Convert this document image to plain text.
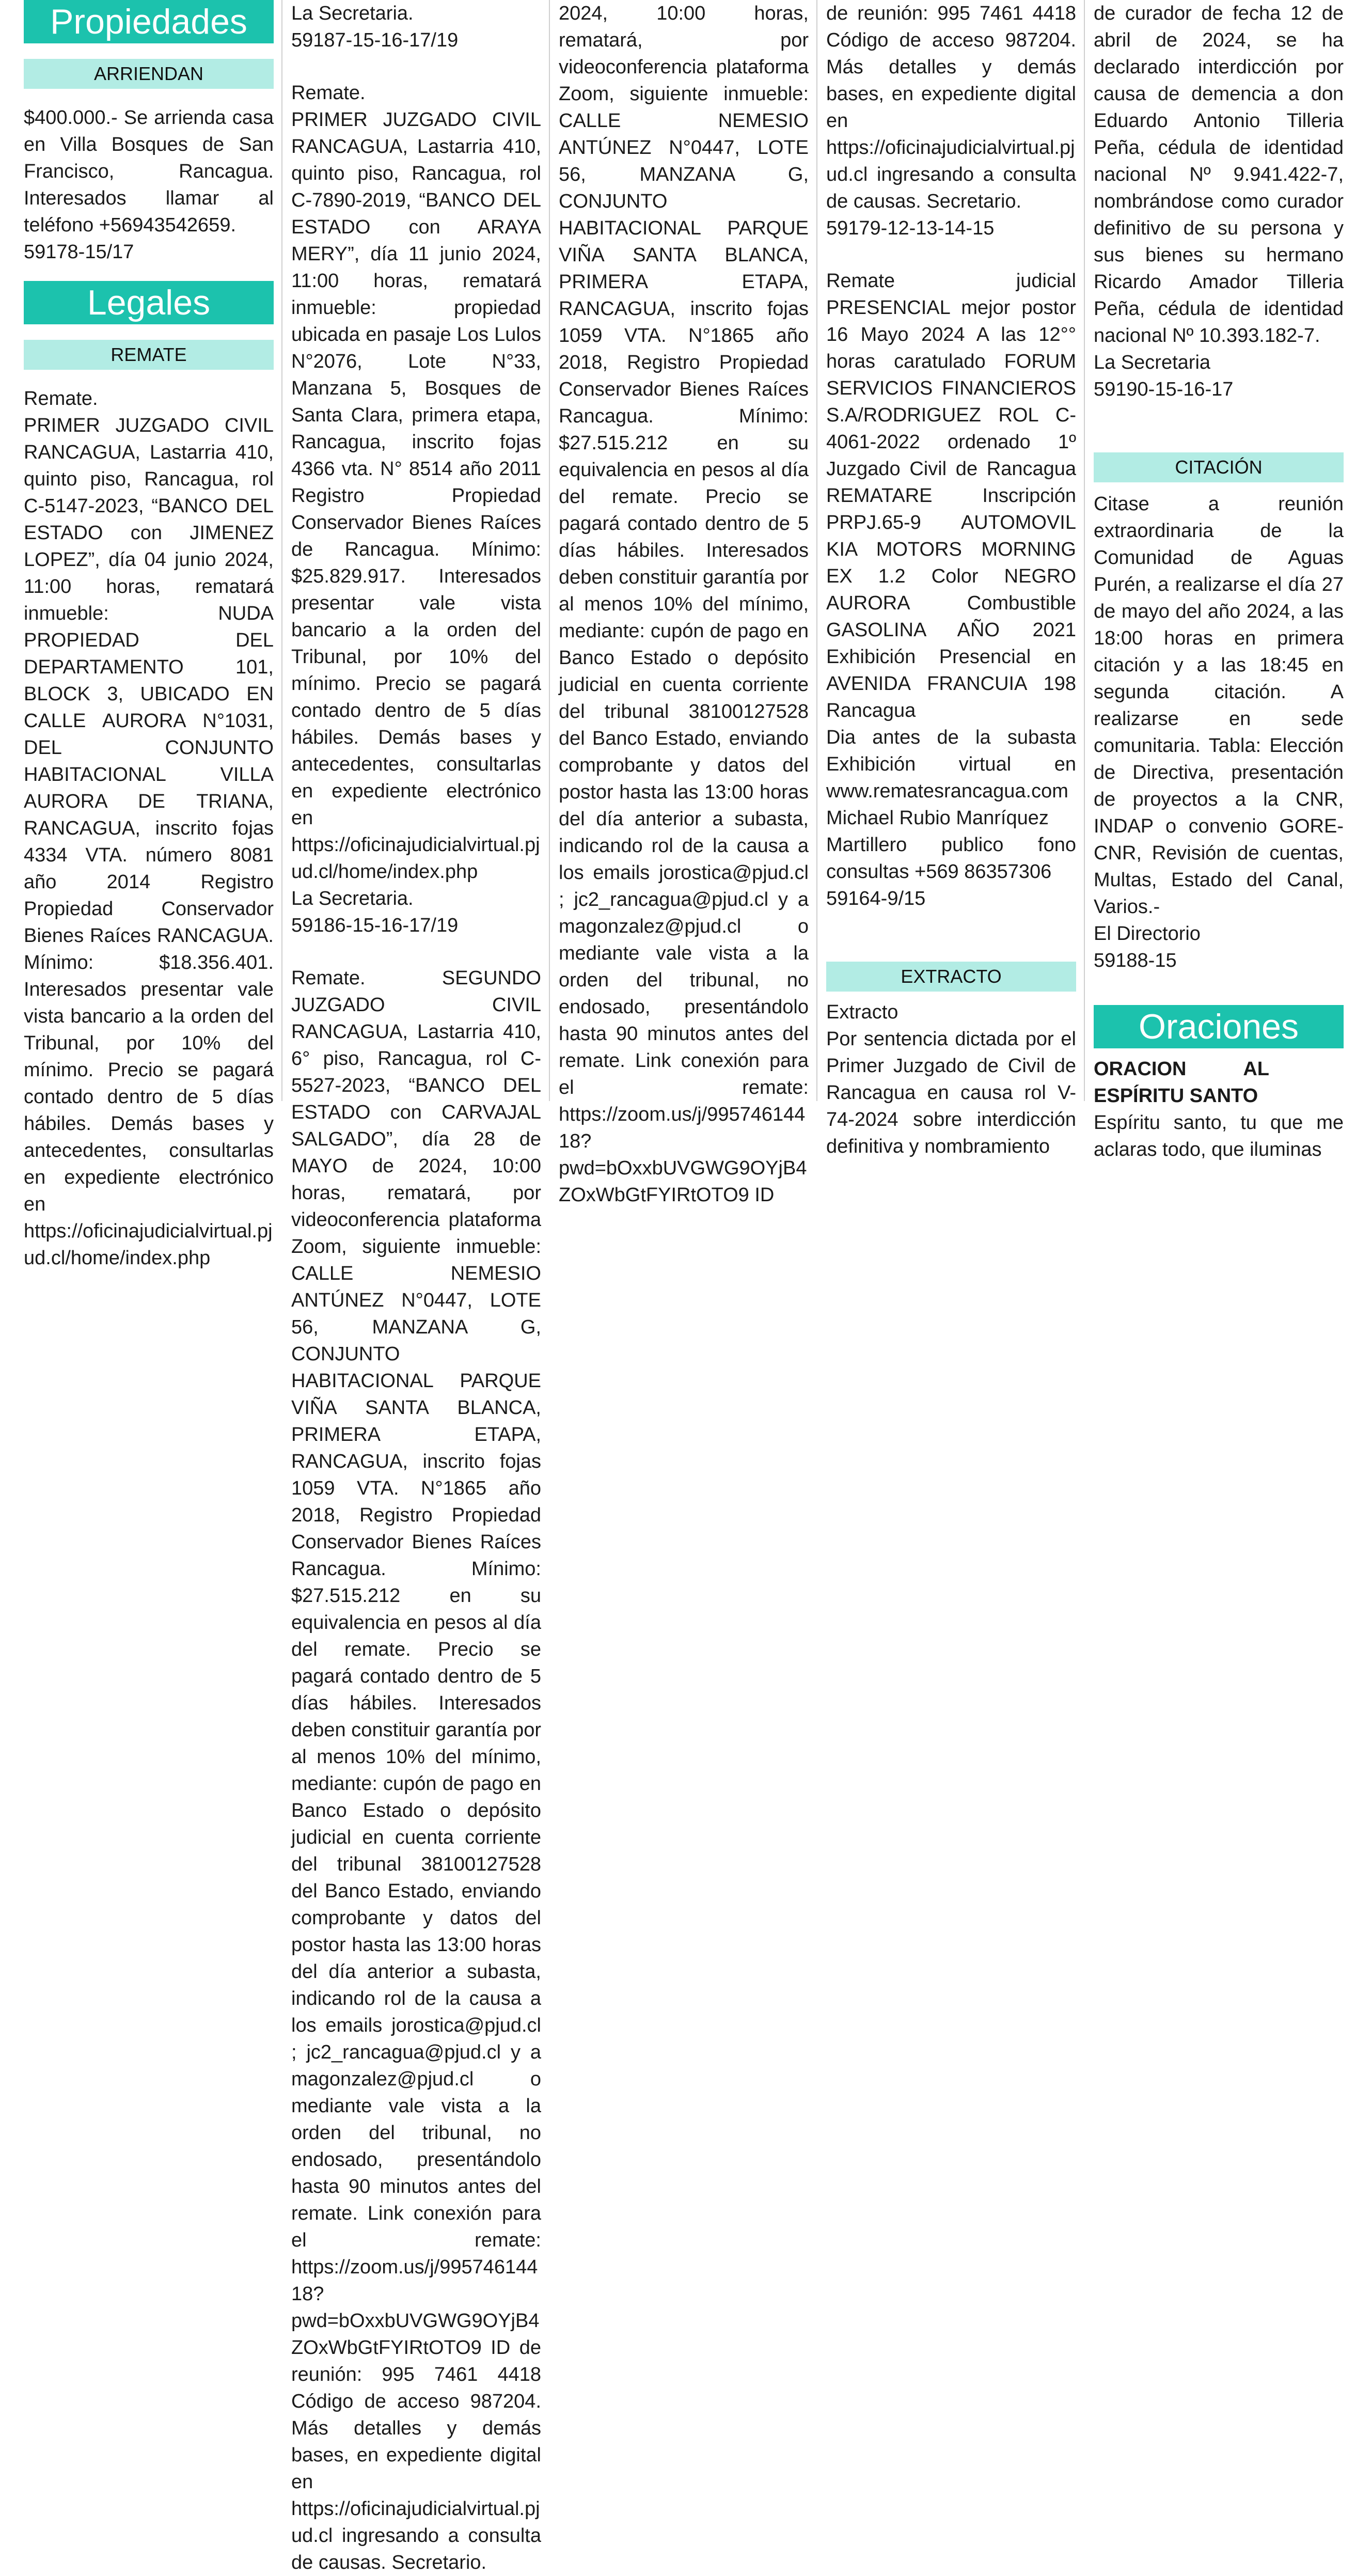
Propiedades
ARRIENDAN

$400.000.- Se arrienda casa en Villa Bosques de San Francisco, Rancagua. Interesados llamar al teléfono +56943542659.

59178-15/17

Legales
REMATE

Remate.

PRIMER JUZGADO CIVIL RANCAGUA, Lastarria 410, quinto piso, Rancagua, rol C-5147-2023, “BANCO DEL ESTADO con JIMENEZ LOPEZ”, día 04 junio 2024, 11:00 horas, rematará inmueble: NUDA PROPIEDAD DEL DEPARTAMENTO 101, BLOCK 3, UBICADO EN CALLE AURORA N°1031, DEL CONJUNTO HABITACIONAL VILLA AURORA DE TRIANA, RANCAGUA, inscrito fojas 4334 VTA. número 8081 año 2014 Registro Propiedad Conservador Bienes Raíces RANCAGUA. Mínimo: $18.356.401. Interesados presentar vale vista bancario a la orden del Tribunal, por 10% del mínimo. Precio se pagará contado dentro de 5 días hábiles. Demás bases y antecedentes, consultarlas en expediente electrónico en https://oficinajudicialvirtual.pjud.cl/home/index.php

La Secretaria.

59187-15-16-17/19

Remate.

PRIMER JUZGADO CIVIL RANCAGUA, Lastarria 410, quinto piso, Rancagua, rol C-7890-2019, “BANCO DEL ESTADO con ARAYA MERY”, día 11 junio 2024, 11:00 horas, rematará inmueble: propiedad ubicada en pasaje Los Lulos N°2076, Lote N°33, Manzana 5, Bosques de Santa Clara, primera etapa, Rancagua, inscrito fojas 4366 vta. N° 8514 año 2011 Registro Propiedad Conservador Bienes Raíces de Rancagua. Mínimo: $25.829.917. Interesados presentar vale vista bancario a la orden del Tribunal, por 10% del mínimo. Precio se pagará contado dentro de 5 días hábiles. Demás bases y antecedentes, consultarlas en expediente electrónico en https://oficinajudicialvirtual.pjud.cl/home/index.php

La Secretaria.

59186-15-16-17/19

Remate. SEGUNDO JUZGADO CIVIL RANCAGUA, Lastarria 410, 6° piso, Rancagua, rol C-5527-2023, “BANCO DEL ESTADO con CARVAJAL SALGADO”, día 28 de MAYO de 2024, 10:00 horas, rematará, por videoconferencia plataforma Zoom, siguiente inmueble: CALLE NEMESIO ANTÚNEZ N°0447, LOTE 56, MANZANA G, CONJUNTO HABITACIONAL PARQUE VIÑA SANTA BLANCA, PRIMERA ETAPA, RANCAGUA, inscrito fojas 1059 VTA. N°1865 año 2018, Registro Propiedad Conservador Bienes Raíces Rancagua. Mínimo: $27.515.212 en su equivalencia en pesos al día del remate. Precio se pagará contado dentro de 5 días hábiles. Interesados deben constituir garantía por al menos 10% del mínimo, mediante: cupón de pago en Banco Estado o depósito judicial en cuenta corriente del tribunal 38100127528 del Banco Estado, enviando comprobante y datos del postor hasta las 13:00 horas del día anterior a subasta, indicando rol de la causa a los emails jorostica@pjud.cl ; jc2_rancagua@pjud.cl y a magonzalez@pjud.cl o mediante vale vista a la orden del tribunal, no endosado, presentándolo hasta 90 minutos antes del remate. Link conexión para el remate: https://zoom.us/j/99574614418?pwd=bOxxbUVGWG9OYjB4ZOxWbGtFYIRtOTO9 ID de reunión: 995 7461 4418 Código de acceso 987204. Más detalles y demás bases, en expediente digital en https://oficinajudicialvirtual.pjud.cl ingresando a consulta de causas. Secretario.

2024, 10:00 horas, rematará, por videoconferencia plataforma Zoom, siguiente inmueble: CALLE NEMESIO ANTÚNEZ N°0447, LOTE 56, MANZANA G, CONJUNTO HABITACIONAL PARQUE VIÑA SANTA BLANCA, PRIMERA ETAPA, RANCAGUA, inscrito fojas 1059 VTA. N°1865 año 2018, Registro Propiedad Conservador Bienes Raíces Rancagua. Mínimo: $27.515.212 en su equivalencia en pesos al día del remate. Precio se pagará contado dentro de 5 días hábiles. Interesados deben constituir garantía por al menos 10% del mínimo, mediante: cupón de pago en Banco Estado o depósito judicial en cuenta corriente del tribunal 38100127528 del Banco Estado, enviando comprobante y datos del postor hasta las 13:00 horas del día anterior a subasta, indicando rol de la causa a los emails jorostica@pjud.cl ; jc2_rancagua@pjud.cl y a magonzalez@pjud.cl o mediante vale vista a la orden del tribunal, no endosado, presentándolo hasta 90 minutos antes del remate. Link conexión para el remate: https://zoom.us/j/99574614418?pwd=bOxxbUVGWG9OYjB4ZOxWbGtFYIRtOTO9 ID

de reunión: 995 7461 4418 Código de acceso 987204. Más detalles y demás bases, en expediente digital en https://oficinajudicialvirtual.pjud.cl ingresando a consulta de causas. Secretario.

59179-12-13-14-15

Remate judicial PRESENCIAL mejor postor 16 Mayo 2024 A las 12°° horas caratulado FORUM SERVICIOS FINANCIEROS S.A/RODRIGUEZ ROL C-4061-2022 ordenado 1º Juzgado Civil de Rancagua REMATARE Inscripción PRPJ.65-9 AUTOMOVIL KIA MOTORS MORNING EX 1.2 Color NEGRO AURORA Combustible GASOLINA AÑO 2021 Exhibición Presencial en AVENIDA FRANCUIA 198 Rancagua

Dia antes de la subasta Exhibición virtual en www.rematesrancagua.com

Michael Rubio Manríquez

Martillero publico fono consultas +569 86357306

59164-9/15

EXTRACTO

Extracto

Por sentencia dictada por el Primer Juzgado de Civil de Rancagua en causa rol V-74-2024 sobre interdicción definitiva y nombramiento

de curador de fecha 12 de abril de 2024, se ha declarado interdicción por causa de demencia a don Eduardo Antonio Tilleria Peña, cédula de identidad nacional Nº 9.941.422-7, nombrándose como curador definitivo de su persona y sus bienes su hermano Ricardo Amador Tilleria Peña, cédula de identidad nacional Nº 10.393.182-7.

La Secretaria

59190-15-16-17

CITACIÓN

Citase a reunión extraordinaria de la Comunidad de Aguas Purén, a realizarse el día 27 de mayo del año 2024, a las 18:00 horas en primera citación y a las 18:45 en segunda citación. A realizarse en sede comunitaria. Tabla: Elección de Directiva, presentación de proyectos a la CNR, INDAP o convenio GORE-CNR, Revisión de cuentas, Multas, Estado del Canal, Varios.-

El Directorio

59188-15

Oraciones

ORACION AL ESPÍRITU SANTO

Espíritu santo, tu que me aclaras todo, que iluminas
